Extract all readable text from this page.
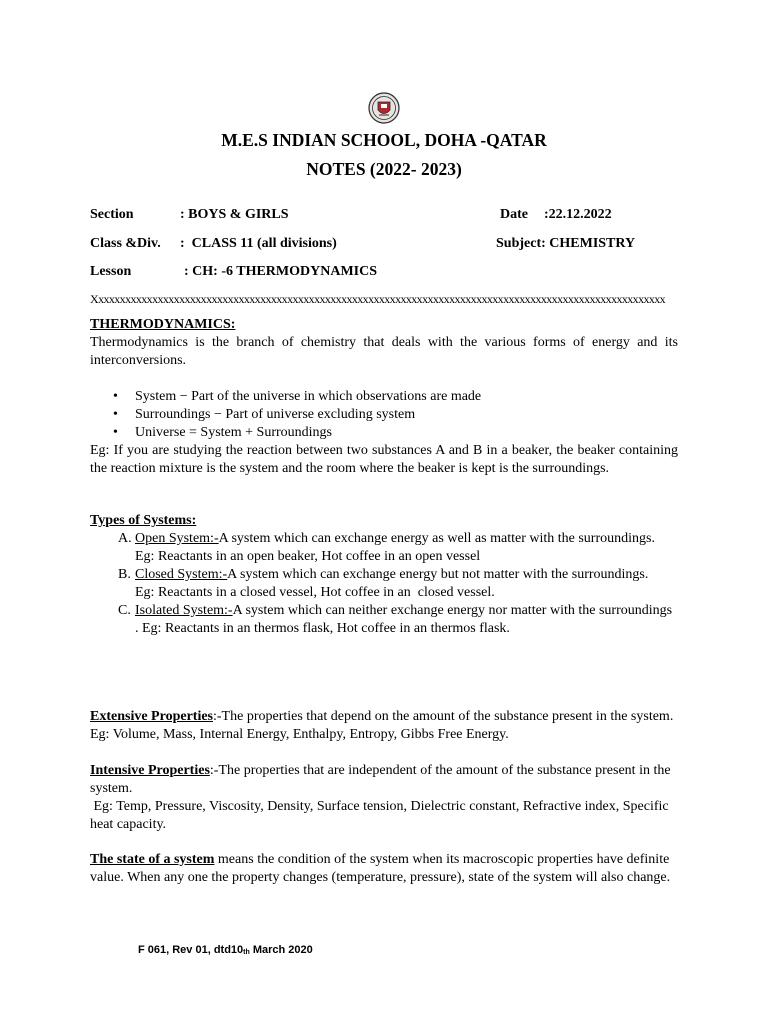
M.E.S INDIAN SCHOOL, DOHA -QATAR
NOTES (2022- 2023)
Section	: BOYS & GIRLS	Date :22.12.2022
Class &Div. :  CLASS 11 (all divisions)	Subject: CHEMISTRY
Lesson	: CH: -6 THERMODYNAMICS
Xxxxxxxxxxxxxxxxxxxxxxxxxxxxxxxxxxxxxxxxxxxxxxxxxxxxxxxxxxxxxxxxxxxxxxxxxxxxxxxxxxxxxxxxxxxxxxxxxxxxxxxxxx
THERMODYNAMICS:
Thermodynamics is the branch of chemistry that deals with the various forms of energy and its interconversions.
• System − Part of the universe in which observations are made
• Surroundings − Part of universe excluding system
• Universe = System + Surroundings
Eg: If you are studying the reaction between two substances A and B in a beaker, the beaker containing the reaction mixture is the system and the room where the beaker is kept is the surroundings.
Types of Systems:
A. Open System:-A system which can exchange energy as well as matter with the surroundings.
Eg: Reactants in an open beaker, Hot coffee in an open vessel
B. Closed System:-A system which can exchange energy but not matter with the surroundings.
Eg: Reactants in a closed vessel, Hot coffee in an  closed vessel.
C. Isolated System:-A system which can neither exchange energy nor matter with the surroundings
. Eg: Reactants in an thermos flask, Hot coffee in an thermos flask.
Extensive Properties:-The properties that depend on the amount of the substance present in the system. Eg: Volume, Mass, Internal Energy, Enthalpy, Entropy, Gibbs Free Energy.
Intensive Properties:-The properties that are independent of the amount of the substance present in the system.
Eg: Temp, Pressure, Viscosity, Density, Surface tension, Dielectric constant, Refractive index, Specific heat capacity.
The state of a system means the condition of the system when its macroscopic properties have definite value. When any one the property changes (temperature, pressure), state of the system will also change.
F 061, Rev 01, $dtd10_{th}$ March 2020
